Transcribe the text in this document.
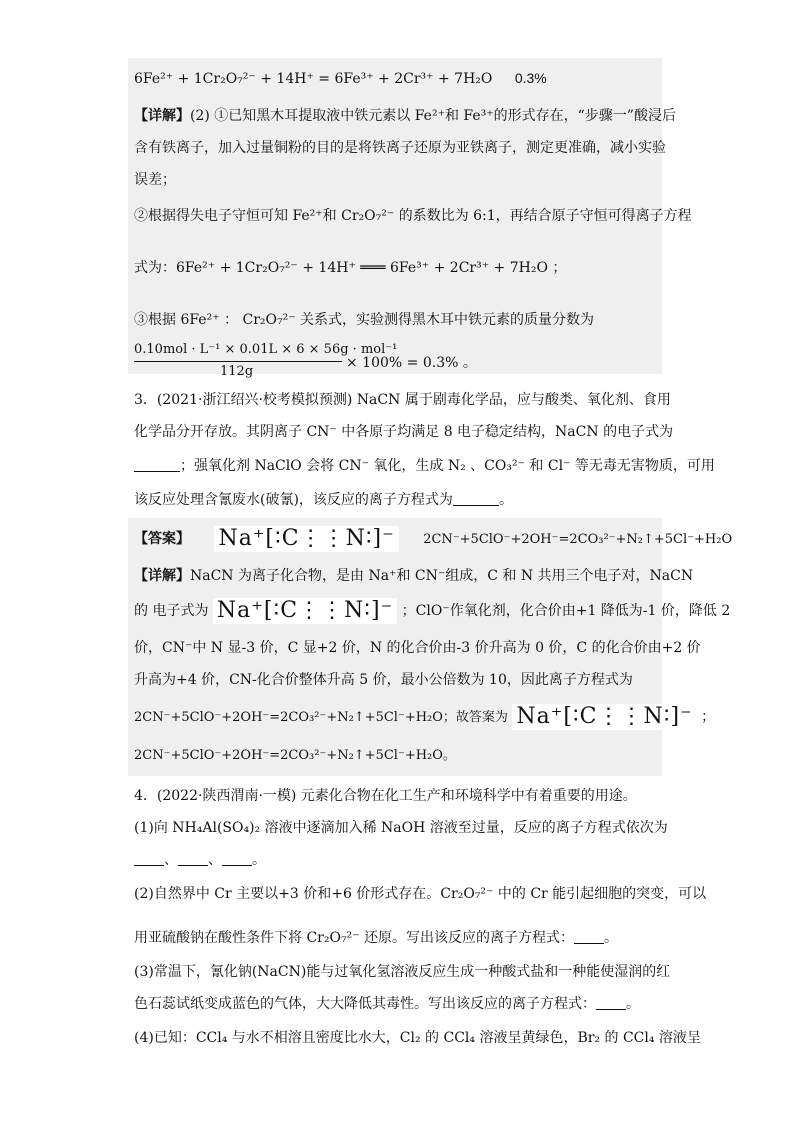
6Fe²⁺ + 1Cr₂O₇²⁻ + 14H⁺ = 6Fe³⁺ + 2Cr³⁺ + 7H₂O 0.3%
【详解】(2) ①已知黑木耳提取液中铁元素以 Fe²⁺和 Fe³⁺的形式存在，“步骤一”酸浸后
含有铁离子，加入过量铜粉的目的是将铁离子还原为亚铁离子，测定更准确，减小实验
误差；
②根据得失电子守恒可知 Fe²⁺和 Cr₂O₇²⁻ 的系数比为 6:1，再结合原子守恒可得离子方程
式为：6Fe²⁺ + 1Cr₂O₇²⁻ + 14H⁺ ═══ 6Fe³⁺ + 2Cr³⁺ + 7H₂O ；
③根据 6Fe²⁺ ： Cr₂O₇²⁻ 关系式，实验测得黑木耳中铁元素的质量分数为
0.10mol · L⁻¹ × 0.01L × 6 × 56g · mol⁻¹
112g
× 100% = 0.3% 。
3．(2021·浙江绍兴·校考模拟预测) NaCN 属于剧毒化学品，应与酸类、氧化剂、食用
化学品分开存放。其阴离子 CN⁻ 中各原子均满足 8 电子稳定结构，NaCN 的电子式为
；强氧化剂 NaClO 会将 CN⁻ 氧化，生成 N₂ 、CO₃²⁻ 和 Cl⁻ 等无毒无害物质，可用
该反应处理含氰废水(破氰)，该反应的离子方程式为	。
【答案】 Na⁺[∶C⋮⋮N∶]⁻ 2CN⁻+5ClO⁻+2OH⁻=2CO₃²⁻+N₂↑+5Cl⁻+H₂O
【详解】NaCN 为离子化合物，是由 Na⁺和 CN⁻组成，C 和 N 共用三个电子对，NaCN
的 电子式为 Na⁺[∶C⋮⋮N∶]⁻ ；ClO⁻作氧化剂，化合价由+1 降低为-1 价，降低 2
价，CN⁻中 N 显-3 价，C 显+2 价，N 的化合价由-3 价升高为 0 价，C 的化合价由+2 价
升高为+4 价，CN-化合价整体升高 5 价，最小公倍数为 10，因此离子方程式为
2CN⁻+5ClO⁻+2OH⁻=2CO₃²⁻+N₂↑+5Cl⁻+H₂O；故答案为 Na⁺[∶C⋮⋮N∶]⁻ ；
2CN⁻+5ClO⁻+2OH⁻=2CO₃²⁻+N₂↑+5Cl⁻+H₂O。
4．(2022·陕西渭南·一模) 元素化合物在化工生产和环境科学中有着重要的用途。
(1)向 NH₄Al(SO₄)₂ 溶液中逐滴加入稀 NaOH 溶液至过量，反应的离子方程式依次为
、 、 。
(2)自然界中 Cr 主要以+3 价和+6 价形式存在。Cr₂O₇²⁻ 中的 Cr 能引起细胞的突变，可以
用亚硫酸钠在酸性条件下将 Cr₂O₇²⁻ 还原。写出该反应的离子方程式： 。
(3)常温下，氰化钠(NaCN)能与过氧化氢溶液反应生成一种酸式盐和一种能使湿润的红
色石蕊试纸变成蓝色的气体，大大降低其毒性。写出该反应的离子方程式： 。
(4)已知：CCl₄ 与水不相溶且密度比水大，Cl₂ 的 CCl₄ 溶液呈黄绿色，Br₂ 的 CCl₄ 溶液呈
